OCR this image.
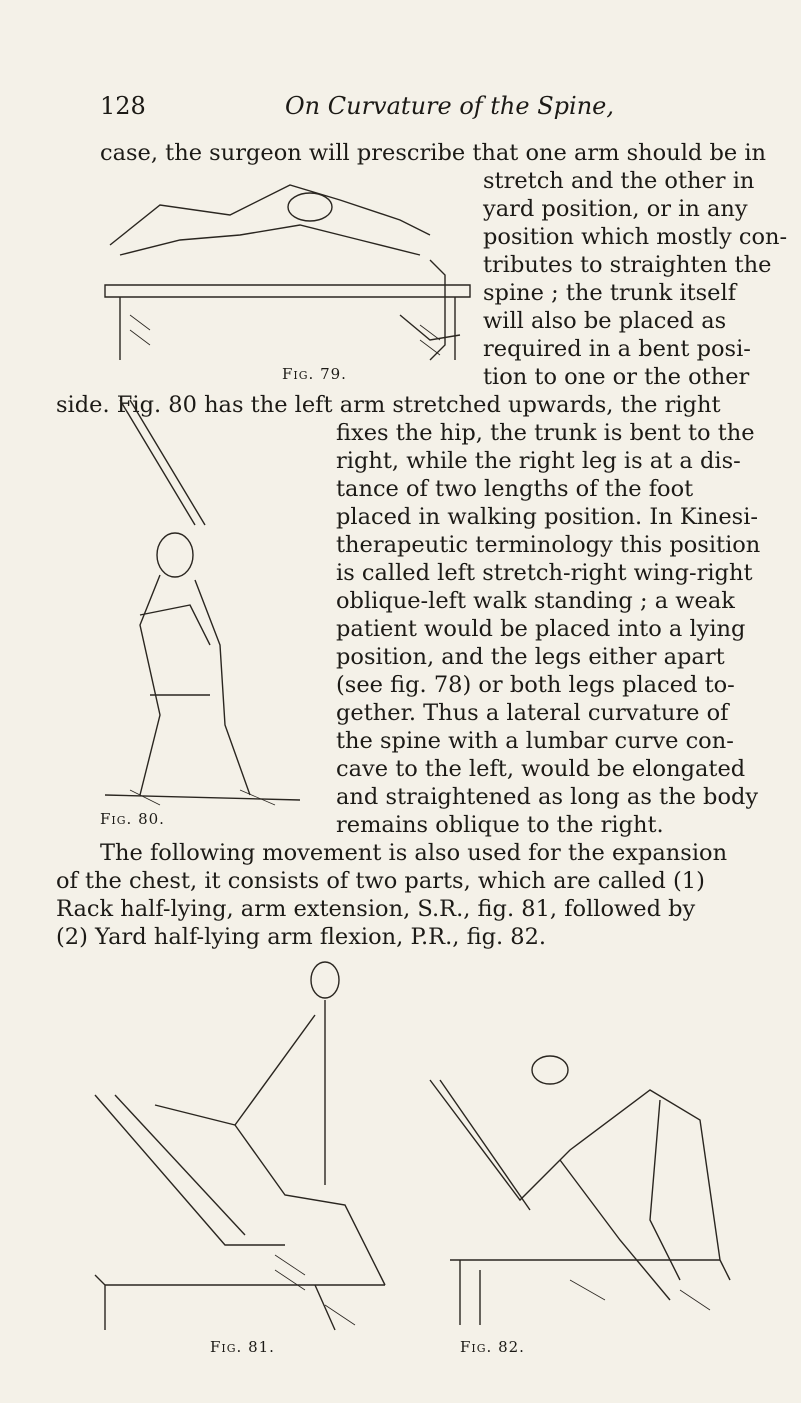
128	On Curvature of the Spine,
case, the surgeon will prescribe that one arm should be in
stretch and the other in
yard position, or in any
position which mostly con-
tributes to straighten the
spine ; the trunk itself
will also be placed as
required in a bent posi-
tion to one or the other
side. Fig. 80 has the left arm stretched upwards, the right
fixes the hip, the trunk is bent to the
right, while the right leg is at a dis-
tance of two lengths of the foot
placed in walking position. In Kinesi-
therapeutic terminology this position
is called left stretch-right wing-right
oblique-left walk standing ; a weak
patient would be placed into a lying
position, and the legs either apart
(see fig. 78) or both legs placed to-
gether. Thus a lateral curvature of
the spine with a lumbar curve con-
cave to the left, would be elongated
and straightened as long as the body
remains oblique to the right.
The following movement is also used for the expansion
of the chest, it consists of two parts, which are called (1)
Rack half-lying, arm extension, S.R., fig. 81, followed by
(2) Yard half-lying arm flexion, P.R., fig. 82.
Fig. 79.
Fig. 80.
Fig. 81.	Fig. 82.
